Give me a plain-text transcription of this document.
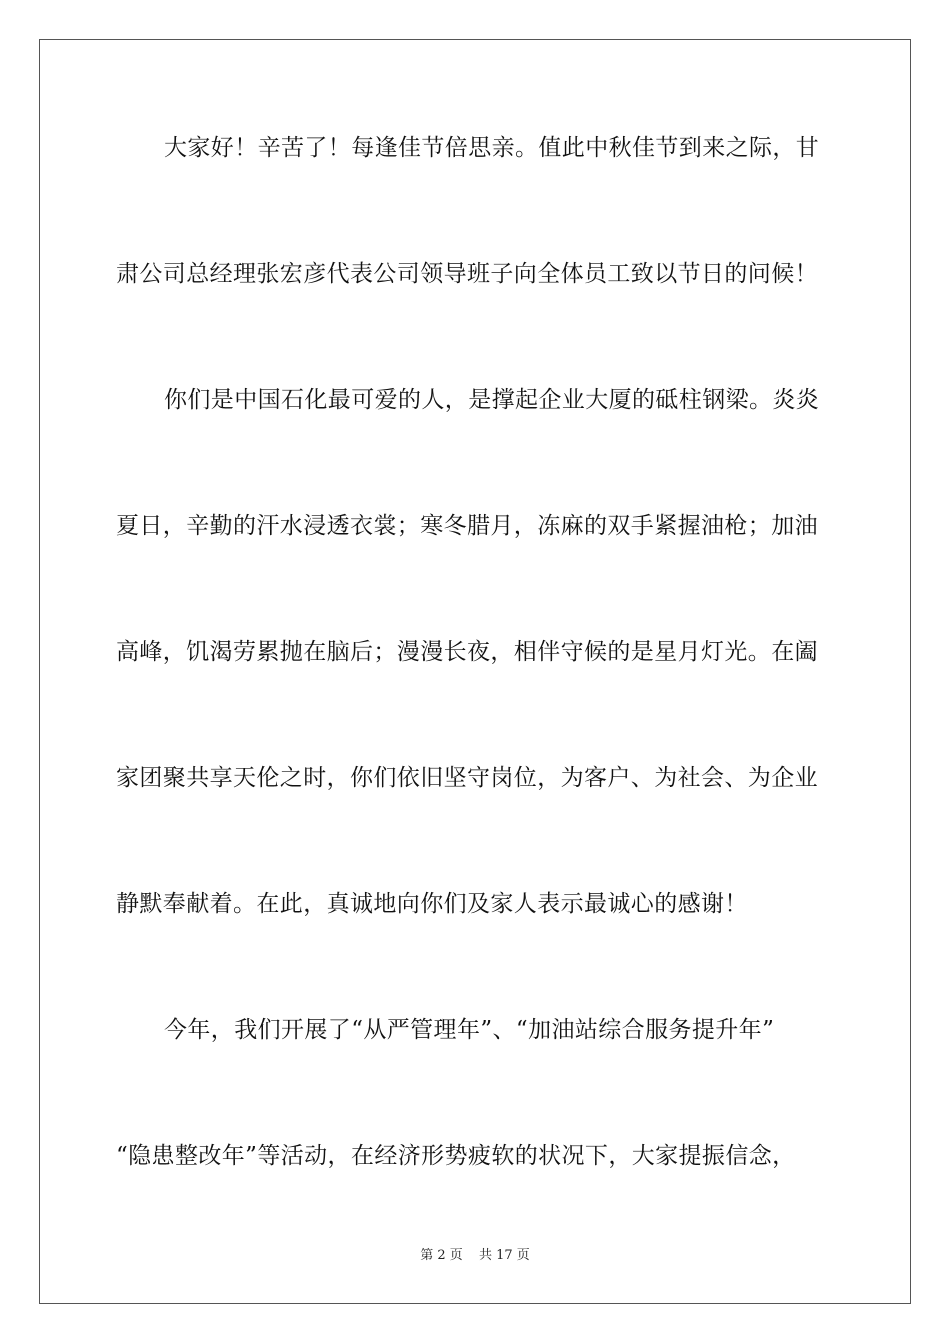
大家好！辛苦了！每逢佳节倍思亲。值此中秋佳节到来之际，甘
肃公司总经理张宏彦代表公司领导班子向全体员工致以节日的问候！
你们是中国石化最可爱的人，是撑起企业大厦的砥柱钢梁。炎炎
夏日，辛勤的汗水浸透衣裳；寒冬腊月，冻麻的双手紧握油枪；加油
高峰，饥渴劳累抛在脑后；漫漫长夜，相伴守候的是星月灯光。在阖
家团聚共享天伦之时，你们依旧坚守岗位，为客户、为社会、为企业
静默奉献着。在此，真诚地向你们及家人表示最诚心的感谢！
今年，我们开展了“从严管理年”、“加油站综合服务提升年”
“隐患整改年”等活动，在经济形势疲软的状况下，大家提振信念，
第 2 页 共 17 页
